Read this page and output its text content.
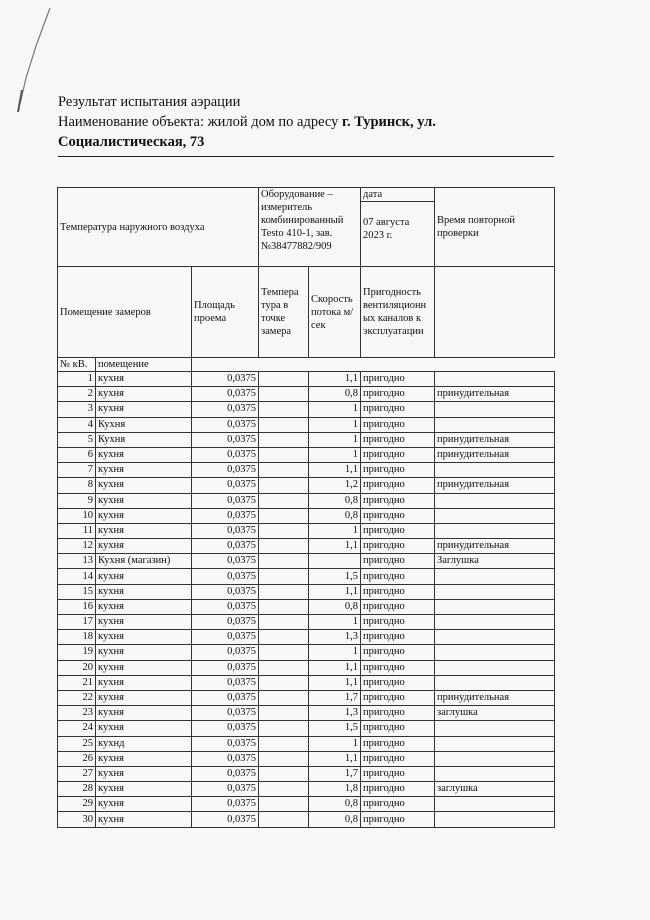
Результат испытания аэрации
Наименование объекта: жилой дом по адресу г. Туринск, ул.
Социалистическая, 73
Температура наружного воздуха			Оборудование – измеритель комбинированный Testo 410-1, зав. №38477882/909		дата
07 августа 2023 г.	Время повторной проверки
Помещение замеров		Площадь проема	Темпера тура в точке замера	Скорость потока м/сек	Пригодность вентиляционн ых каналов к эксплуатации	
№ кВ.	помещение					
1	кухня	0,0375		1,1	пригодно	
2	кухня	0,0375		0,8	пригодно	принудительная
3	кухня	0,0375		1	пригодно	
4	Кухня	0,0375		1	пригодно	
5	Кухня	0,0375		1	пригодно	принудительная
6	кухня	0,0375		1	пригодно	принудительная
7	кухня	0,0375		1,1	пригодно	
8	кухня	0,0375		1,2	пригодно	принудительная
9	кухня	0,0375		0,8	пригодно	
10	кухня	0,0375		0,8	пригодно	
11	кухня	0,0375		1	пригодно	
12	кухня	0,0375		1,1	пригодно	принудительная
13	Кухня (магазин)	0,0375			пригодно	Заглушка
14	кухня	0,0375		1,5	пригодно	
15	кухня	0,0375		1,1	пригодно	
16	кухня	0,0375		0,8	пригодно	
17	кухня	0,0375		1	пригодно	
18	кухня	0,0375		1,3	пригодно	
19	кухня	0,0375		1	пригодно	
20	кухня	0,0375		1,1	пригодно	
21	кухня	0,0375		1,1	пригодно	
22	кухня	0,0375		1,7	пригодно	принудительная
23	кухня	0,0375		1,3	пригодно	заглушка
24	кухня	0,0375		1,5	пригодно	
25	кухнд	0,0375		1	пригодно	
26	кухня	0,0375		1,1	пригодно	
27	кухня	0,0375		1,7	пригодно	
28	кухня	0,0375		1,8	пригодно	заглушка
29	кухня	0,0375		0,8	пригодно	
30	кухня	0,0375		0,8	пригодно	
